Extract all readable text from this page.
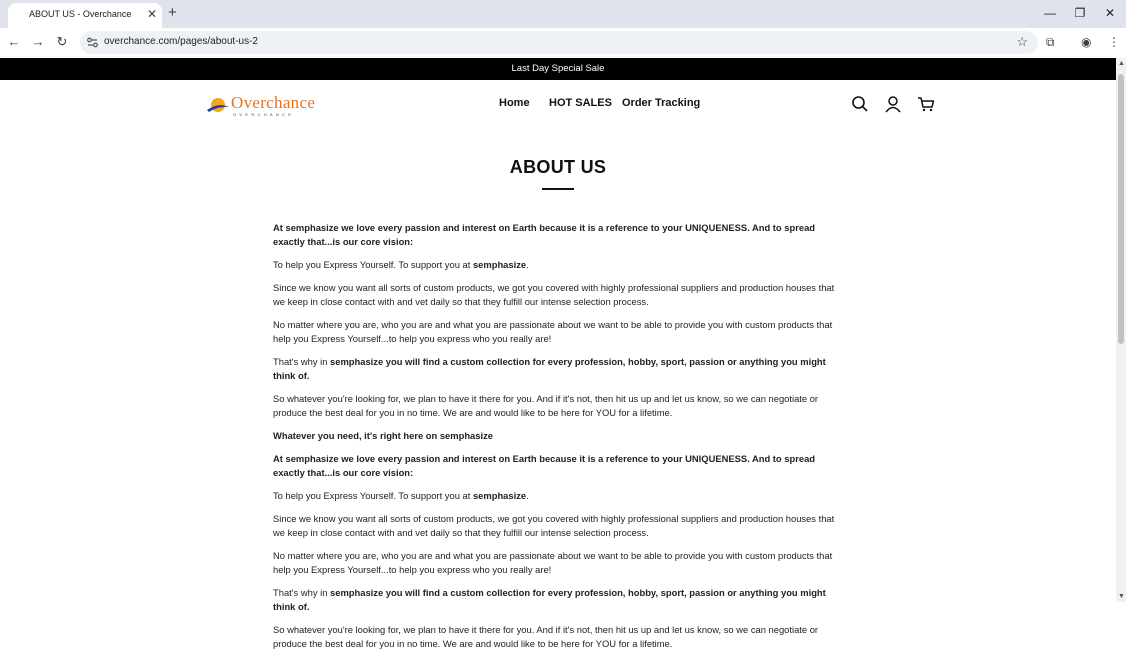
ABOUT US - Overchance ✕ +	— ❐ ✕
← → ↻	overchance.com/pages/about-us-2	☆ ⧉ ◉ ⋮
Last Day Special Sale	▲
▼
Overchance
OVERCHANCE
Home HOT SALES Order Tracking
ABOUT US

At semphasize we love every passion and interest on Earth because it is a reference to your UNIQUENESS. And to spread exactly that...is our core vision:

To help you Express Yourself. To support you at semphasize.

Since we know you want all sorts of custom products, we got you covered with highly professional suppliers and production houses that we keep in close contact with and vet daily so that they fulfill our intense selection process.

No matter where you are, who you are and what you are passionate about we want to be able to provide you with custom products that help you Express Yourself...to help you express who you really are!

That's why in semphasize you will find a custom collection for every profession, hobby, sport, passion or anything you might think of.

So whatever you're looking for, we plan to have it there for you. And if it's not, then hit us up and let us know, so we can negotiate or produce the best deal for you in no time. We are and would like to be here for YOU for a lifetime.

Whatever you need, it's right here on semphasize

At semphasize we love every passion and interest on Earth because it is a reference to your UNIQUENESS. And to spread exactly that...is our core vision:

To help you Express Yourself. To support you at semphasize.

Since we know you want all sorts of custom products, we got you covered with highly professional suppliers and production houses that we keep in close contact with and vet daily so that they fulfill our intense selection process.

No matter where you are, who you are and what you are passionate about we want to be able to provide you with custom products that help you Express Yourself...to help you express who you really are!

That's why in semphasize you will find a custom collection for every profession, hobby, sport, passion or anything you might think of.

So whatever you're looking for, we plan to have it there for you. And if it's not, then hit us up and let us know, so we can negotiate or produce the best deal for you in no time. We are and would like to be here for YOU for a lifetime.
